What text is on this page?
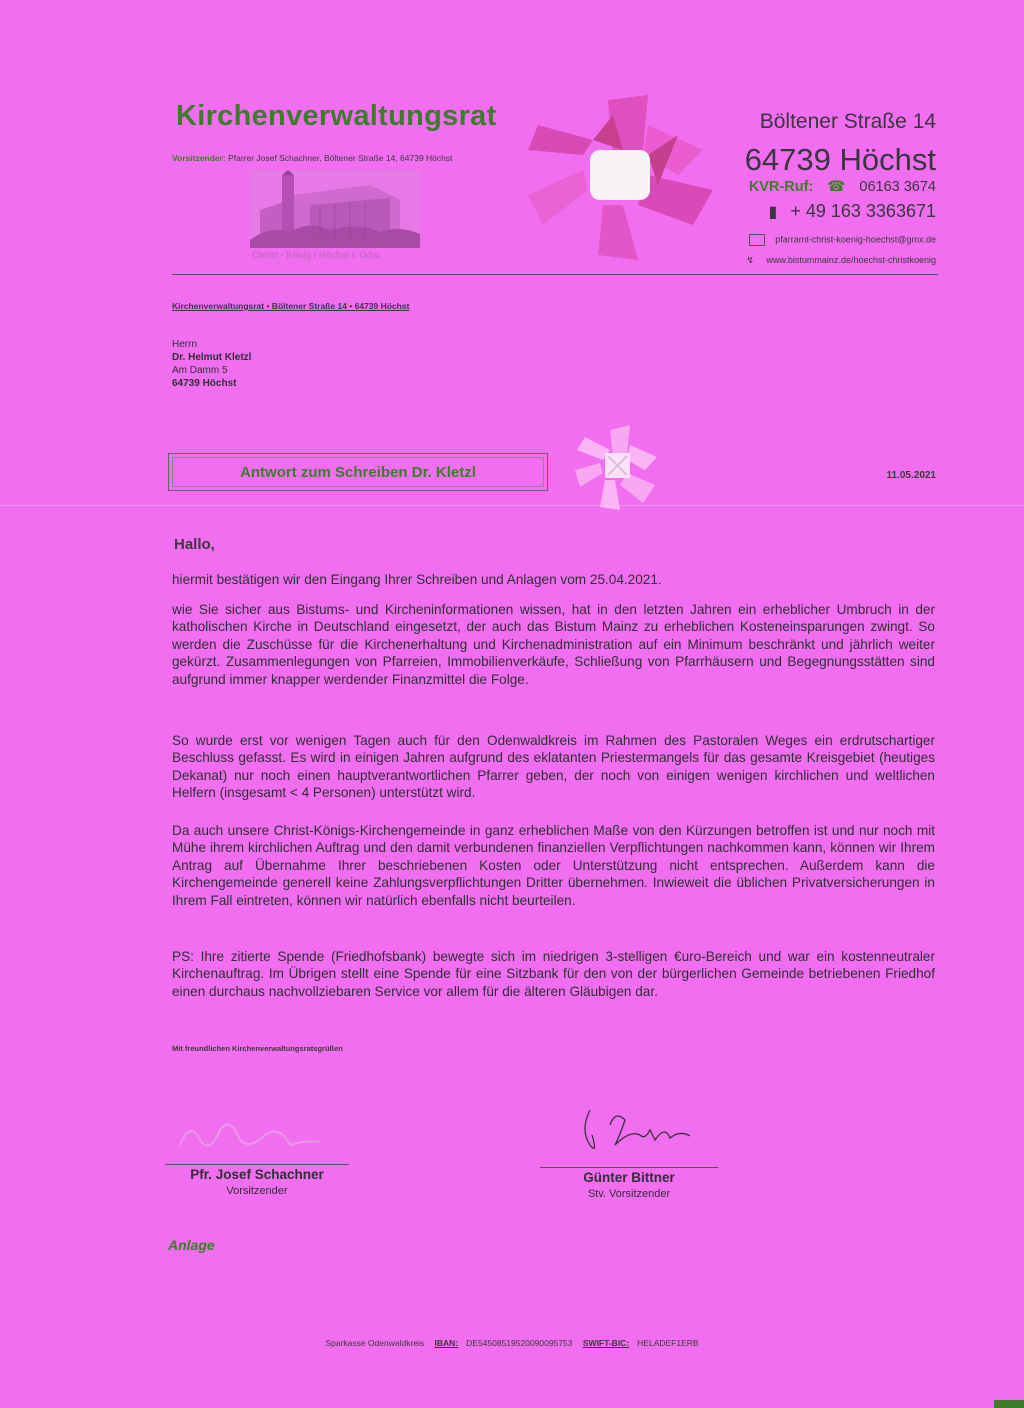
Kirchenverwaltungsrat
Vorsitzender: Pfarrer Josef Schachner, Böltener Straße 14, 64739 Höchst
Christ - König / Höchst i. Odw.
Böltener Straße 14
64739 Höchst
KVR-Ruf: ☎ 06163 3674
▮ + 49 163 3363671
pfarramt-christ-koenig-hoechst@gmx.de
↯ www.bistummainz.de/hoechst-christkoenig
Kirchenverwaltungsrat • Böltener Straße 14 • 64739 Höchst
Herrn
Dr. Helmut Kletzl
Am Damm 5
64739 Höchst
Antwort zum Schreiben Dr. Kletzl	11.05.2021
Hallo,

hiermit bestätigen wir den Eingang Ihrer Schreiben und Anlagen vom 25.04.2021.

wie Sie sicher aus Bistums- und Kircheninformationen wissen, hat in den letzten Jahren ein erheblicher Umbruch in der katholischen Kirche in Deutschland eingesetzt, der auch das Bistum Mainz zu erheblichen Kosteneinsparungen zwingt. So werden die Zuschüsse für die Kirchenerhaltung und Kirchenadministration auf ein Minimum beschränkt und jährlich weiter gekürzt. Zusammenlegungen von Pfarreien, Immobilienverkäufe, Schließung von Pfarrhäusern und Begegnungsstätten sind aufgrund immer knapper werdender Finanzmittel die Folge.

So wurde erst vor wenigen Tagen auch für den Odenwaldkreis im Rahmen des Pastoralen Weges ein erdrutschartiger Beschluss gefasst. Es wird in einigen Jahren aufgrund des eklatanten Priestermangels für das gesamte Kreisgebiet (heutiges Dekanat) nur noch einen hauptverantwortlichen Pfarrer geben, der noch von einigen wenigen kirchlichen und weltlichen Helfern (insgesamt < 4 Personen) unterstützt wird.

Da auch unsere Christ-Königs-Kirchengemeinde in ganz erheblichen Maße von den Kürzungen betroffen ist und nur noch mit Mühe ihrem kirchlichen Auftrag und den damit verbundenen finanziellen Verpflichtungen nachkommen kann, können wir Ihrem Antrag auf Übernahme Ihrer beschriebenen Kosten oder Unterstützung nicht entsprechen. Außerdem kann die Kirchengemeinde generell keine Zahlungsverpflichtungen Dritter übernehmen. Inwieweit die üblichen Privatversicherungen in Ihrem Fall eintreten, können wir natürlich ebenfalls nicht beurteilen.

PS: Ihre zitierte Spende (Friedhofsbank) bewegte sich im niedrigen 3-stelligen €uro-Bereich und war ein kostenneutraler Kirchenauftrag. Im Übrigen stellt eine Spende für eine Sitzbank für den von der bürgerlichen Gemeinde betriebenen Friedhof einen durchaus nachvollziebaren Service vor allem für die älteren Gläubigen dar.

Mit freundlichen Kirchenverwaltungsratsgrüßen
Pfr. Josef Schachner
Vorsitzender
Günter Bittner
Stv. Vorsitzender
Anlage
Sparkasse Odenwaldkreis IBAN: DE54508519520090095753 SWIFT-BIC: HELADEF1ERB
